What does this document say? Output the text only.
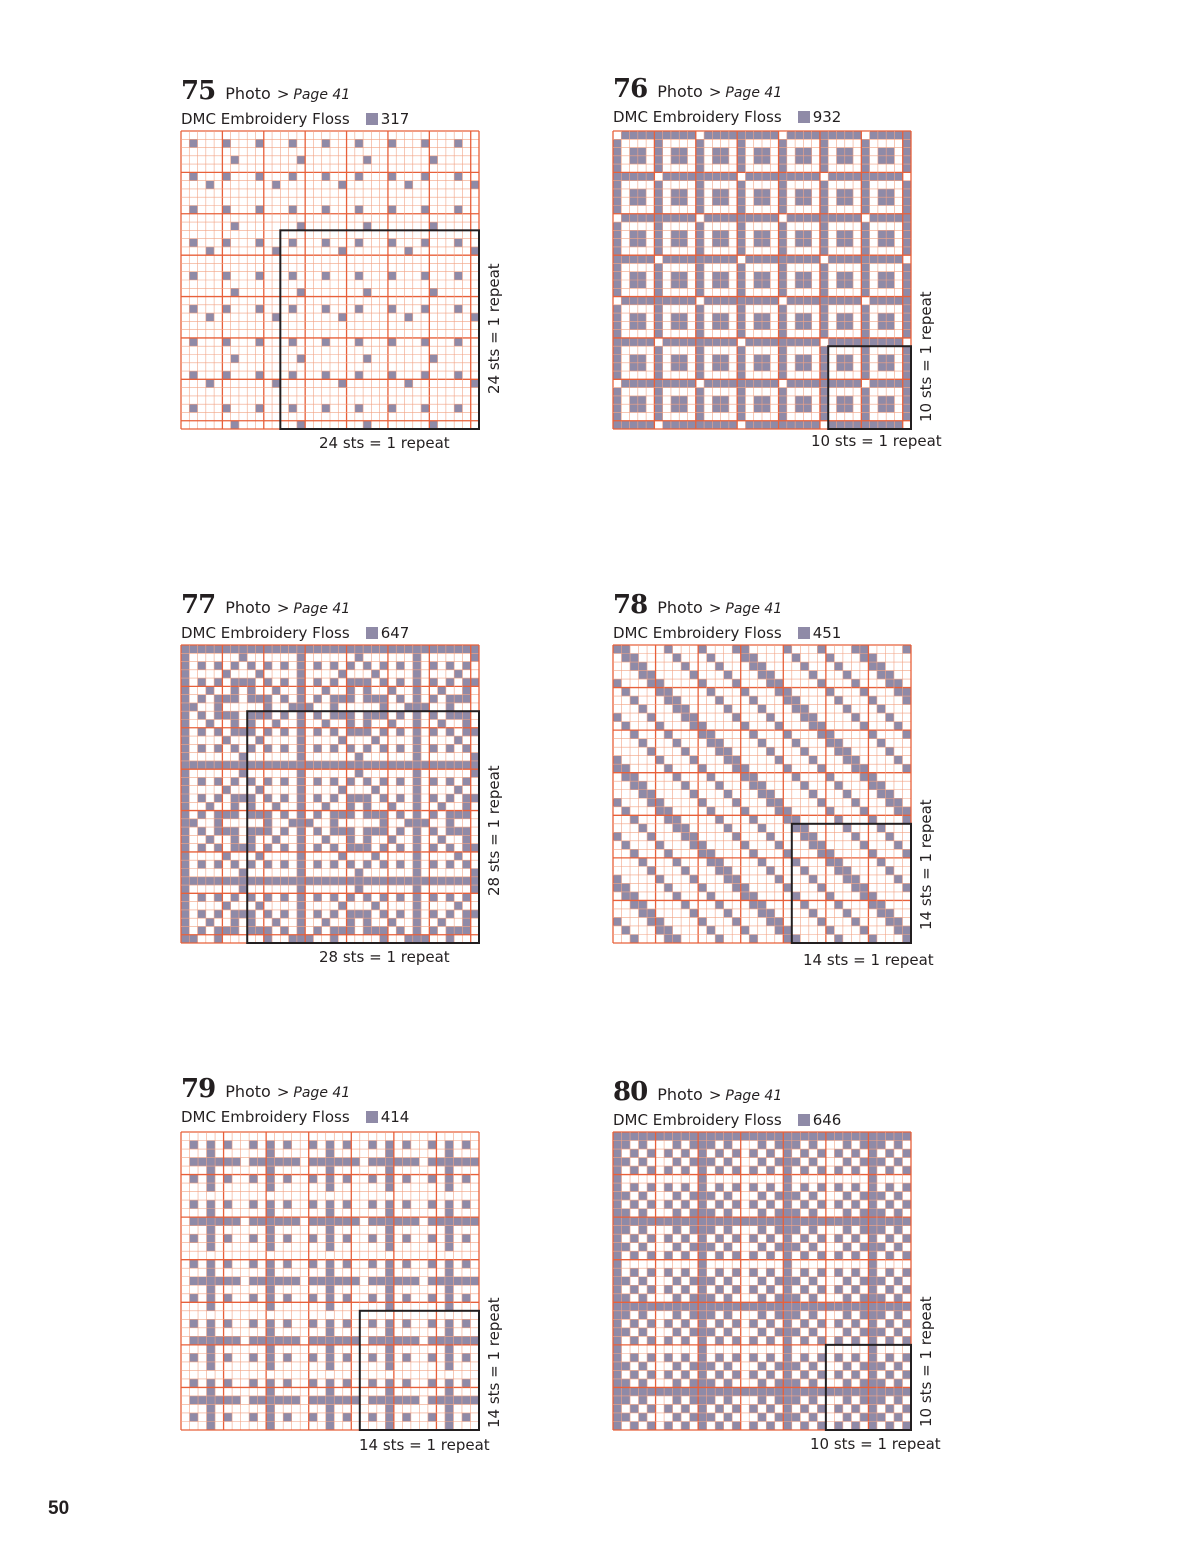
75 Photo > Page 41
DMC Embroidery Floss 317
24 sts = 1 repeat
24 sts = 1 repeat
76 Photo > Page 41
DMC Embroidery Floss 932
10 sts = 1 repeat
10 sts = 1 repeat
77 Photo > Page 41
DMC Embroidery Floss 647
28 sts = 1 repeat
28 sts = 1 repeat
78 Photo > Page 41
DMC Embroidery Floss 451
14 sts = 1 repeat
14 sts = 1 repeat
79 Photo > Page 41
DMC Embroidery Floss 414
14 sts = 1 repeat
14 sts = 1 repeat
80 Photo > Page 41
DMC Embroidery Floss 646
10 sts = 1 repeat
10 sts = 1 repeat
50
